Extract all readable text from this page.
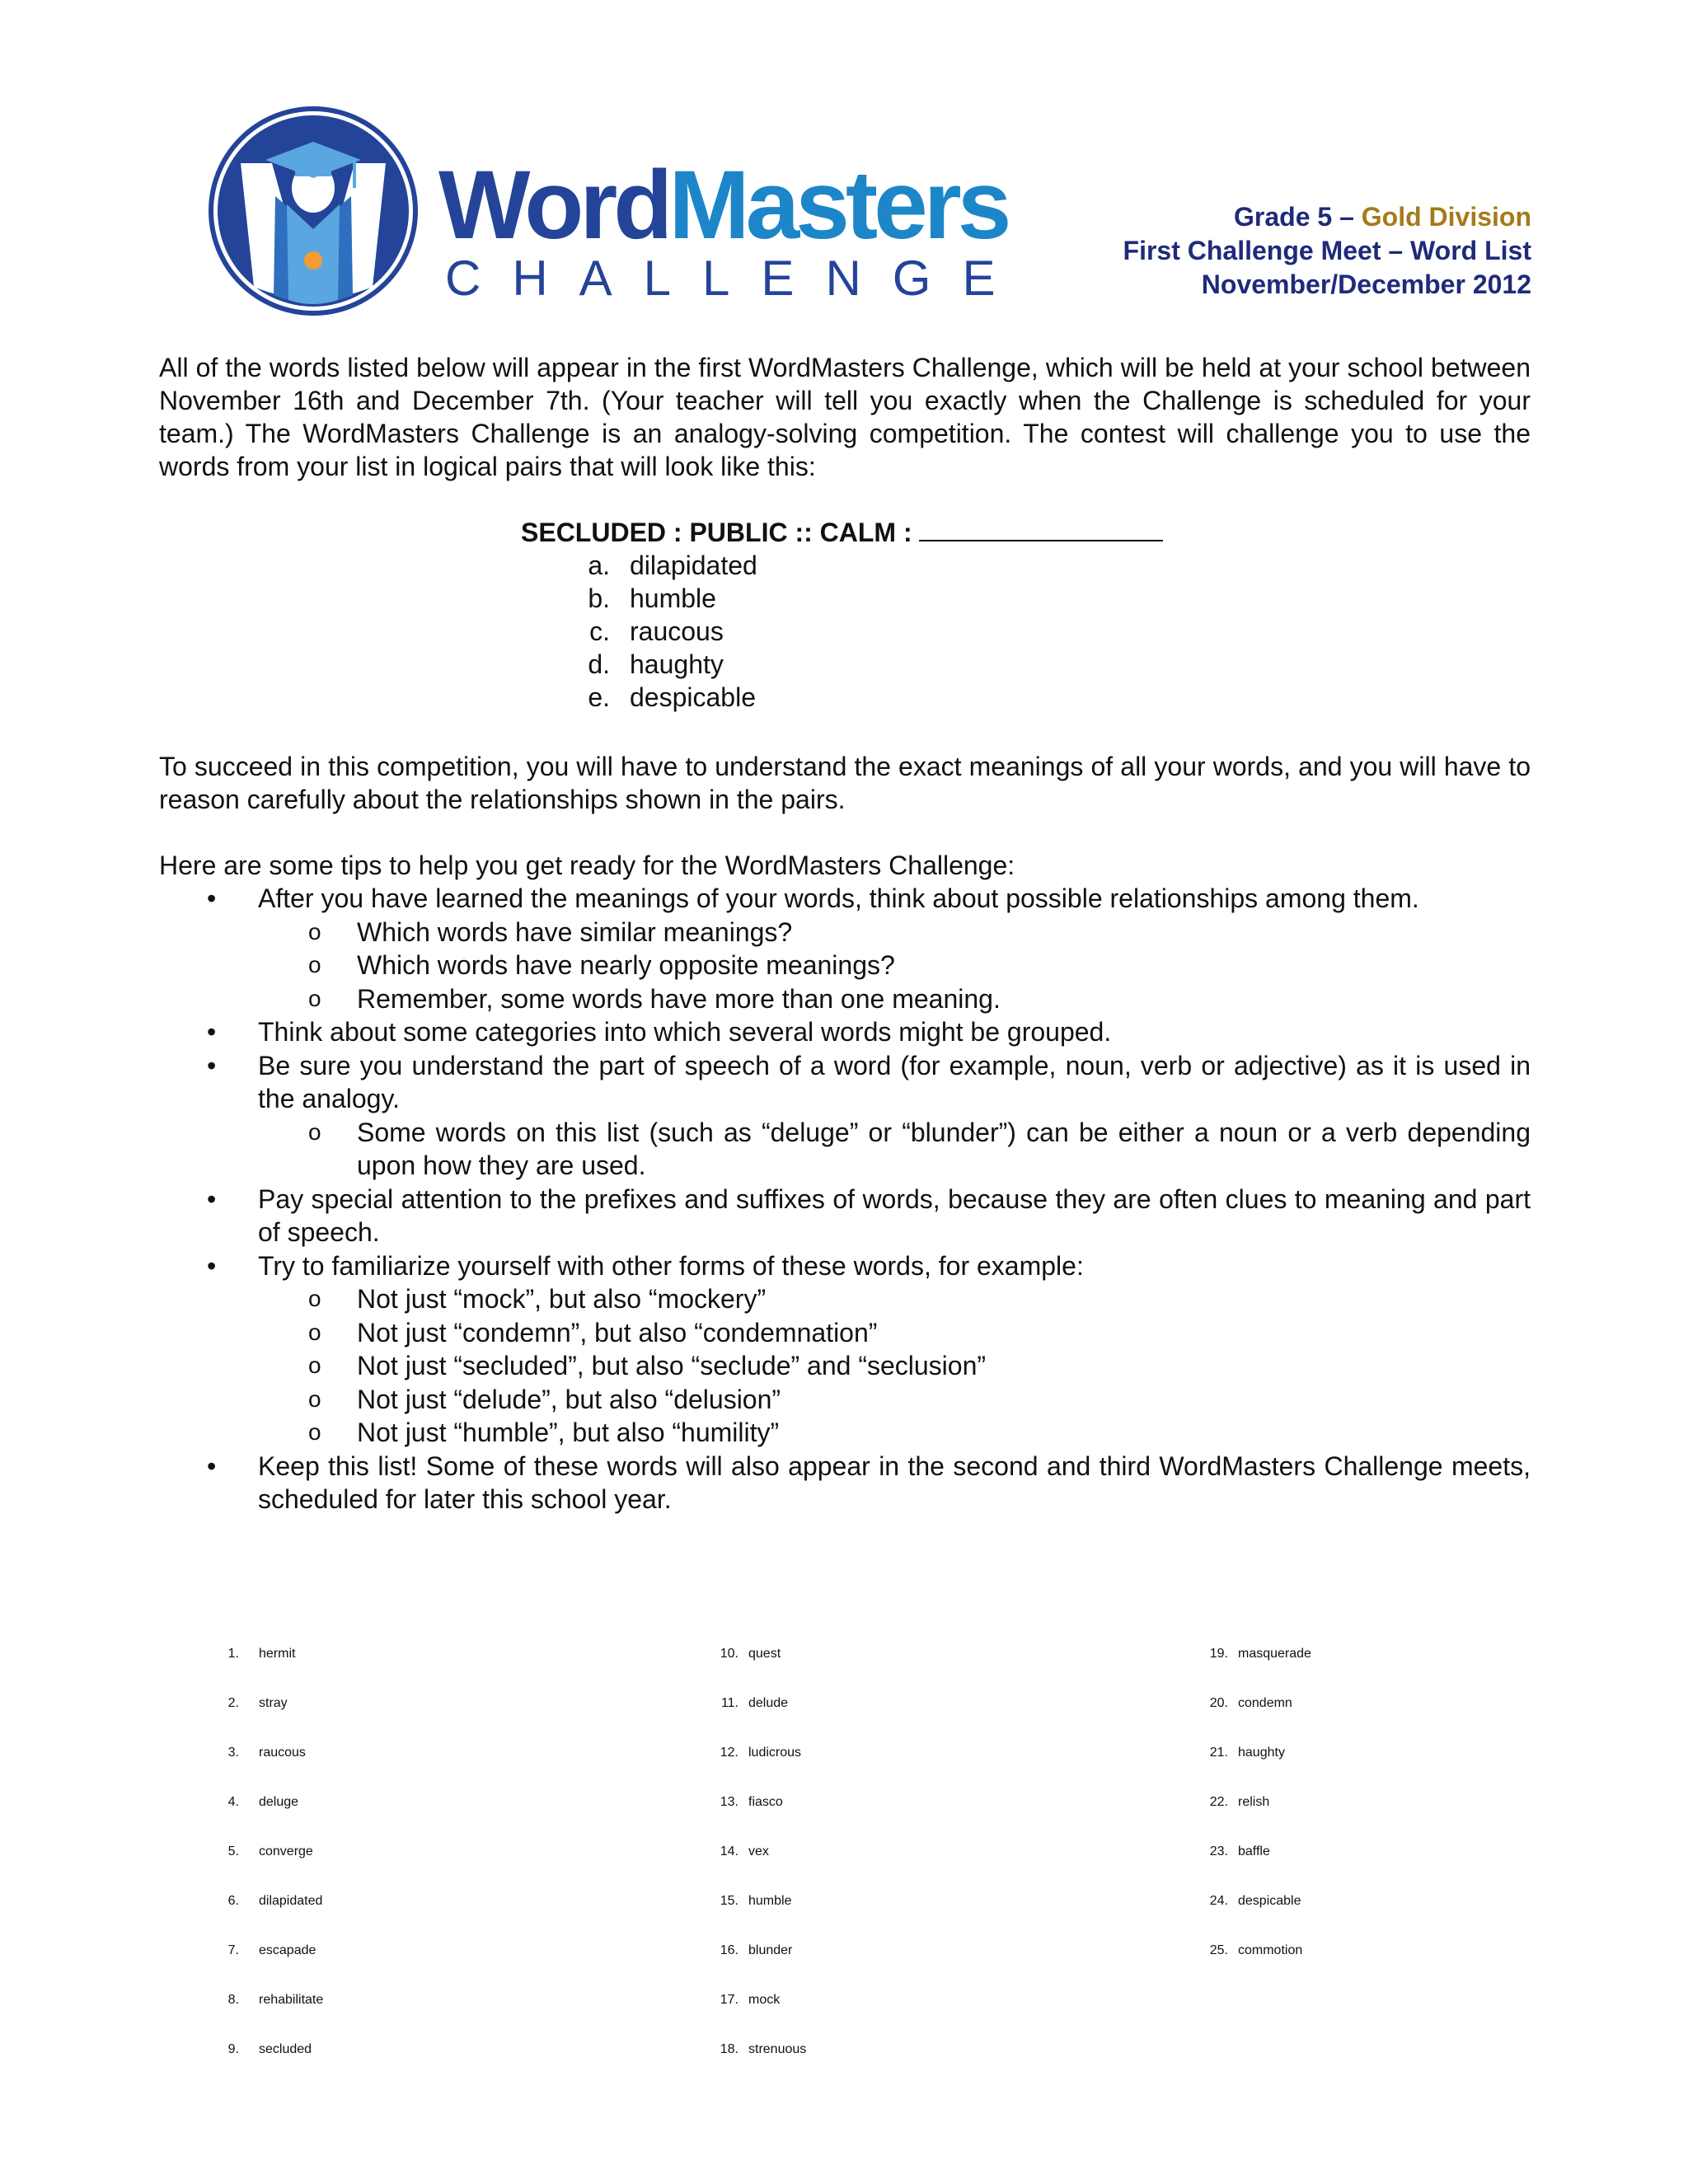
WordMasters
CHALLENGE
Grade 5 – Gold Division
First Challenge Meet – Word List
November/December 2012
All of the words listed below will appear in the first WordMasters Challenge, which will be held at your school between November 16th and December 7th. (Your teacher will tell you exactly when the Challenge is scheduled for your team.) The WordMasters Challenge is an analogy-solving competition. The contest will challenge you to use the words from your list in logical pairs that will look like this:
SECLUDED : PUBLIC :: CALM :
a. dilapidated
b. humble
c. raucous
d. haughty
e. despicable
To succeed in this competition, you will have to understand the exact meanings of all your words, and you will have to reason carefully about the relationships shown in the pairs.
Here are some tips to help you get ready for the WordMasters Challenge:
• After you have learned the meanings of your words, think about possible relationships among them.
o Which words have similar meanings?
o Which words have nearly opposite meanings?
o Remember, some words have more than one meaning.
• Think about some categories into which several words might be grouped.
• Be sure you understand the part of speech of a word (for example, noun, verb or adjective) as it is used in the analogy.
o Some words on this list (such as “deluge” or “blunder”) can be either a noun or a verb depending upon how they are used.
• Pay special attention to the prefixes and suffixes of words, because they are often clues to meaning and part of speech.
• Try to familiarize yourself with other forms of these words, for example:
o Not just “mock”, but also “mockery”
o Not just “condemn”, but also “condemnation”
o Not just “secluded”, but also “seclude” and “seclusion”
o Not just “delude”, but also “delusion”
o Not just “humble”, but also “humility”
• Keep this list! Some of these words will also appear in the second and third WordMasters Challenge meets, scheduled for later this school year.
1. hermit
2. stray
3. raucous
4. deluge
5. converge
6. dilapidated
7. escapade
8. rehabilitate
9. secluded
10. quest
11. delude
12. ludicrous
13. fiasco
14. vex
15. humble
16. blunder
17. mock
18. strenuous
19. masquerade
20. condemn
21. haughty
22. relish
23. baffle
24. despicable
25. commotion
